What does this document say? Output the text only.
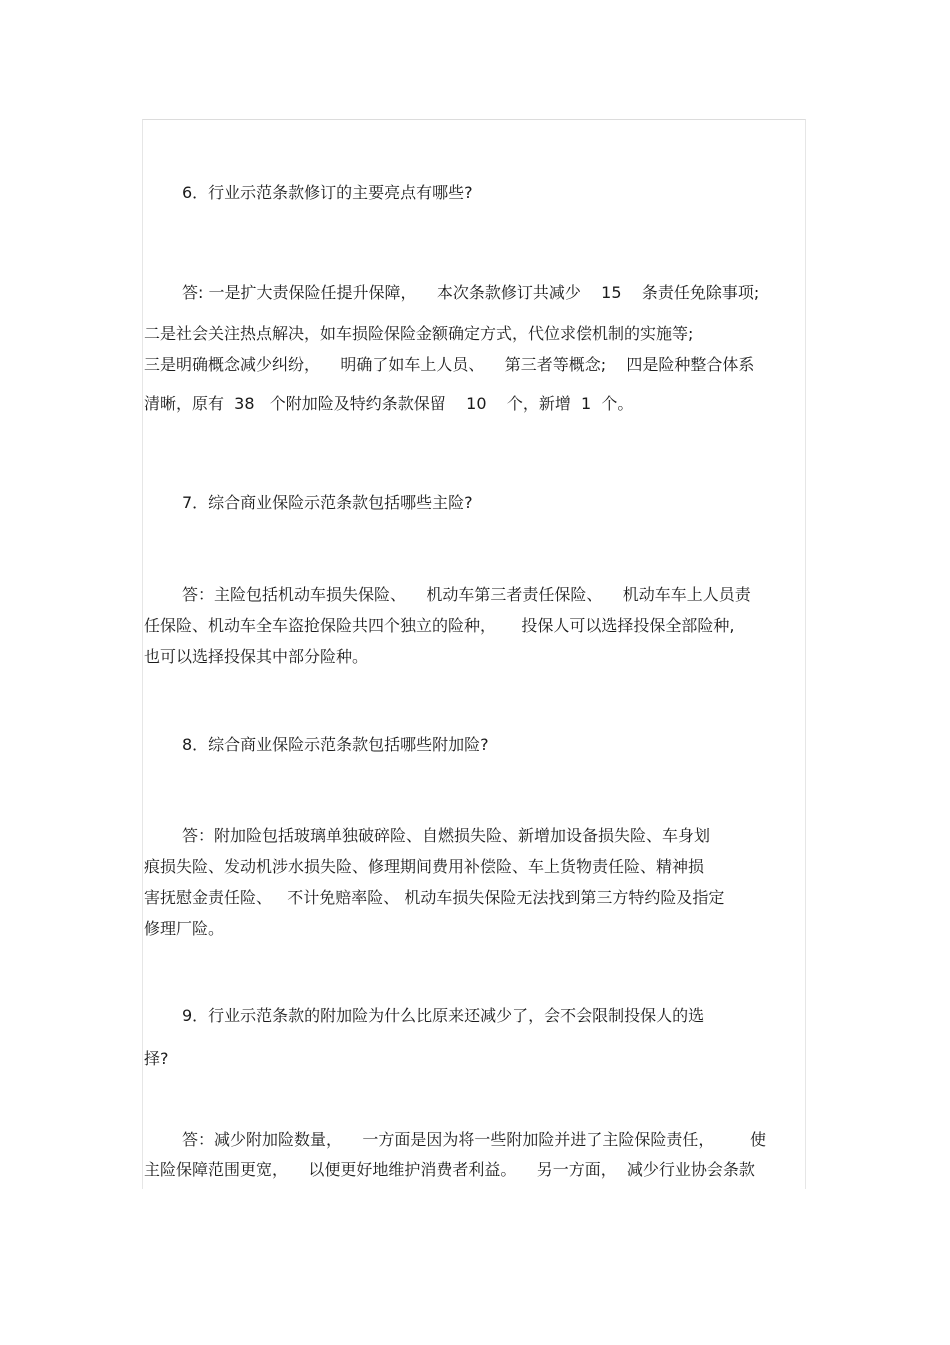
6．行业示范条款修订的主要亮点有哪些?
答: 一是扩大责保险任提升保障，    本次条款修订共减少    15    条责任免除事项;
二是社会关注热点解决，如车损险保险金额确定方式，代位求偿机制的实施等;
三是明确概念减少纠纷，    明确了如车上人员、    第三者等概念;    四是险种整合体系
清晰，原有  38   个附加险及特约条款保留    10    个，新增  1  个。
7．综合商业保险示范条款包括哪些主险?
答：主险包括机动车损失保险、    机动车第三者责任保险、    机动车车上人员责
任保险、机动车全车盗抢保险共四个独立的险种，     投保人可以选择投保全部险种,
也可以选择投保其中部分险种。
8．综合商业保险示范条款包括哪些附加险?
答：附加险包括玻璃单独破碎险、自燃损失险、新增加设备损失险、车身划
痕损失险、发动机涉水损失险、修理期间费用补偿险、车上货物责任险、精神损
害抚慰金责任险、   不计免赔率险、 机动车损失保险无法找到第三方特约险及指定
修理厂险。
9．行业示范条款的附加险为什么比原来还减少了，会不会限制投保人的选
择?
答：减少附加险数量，    一方面是因为将一些附加险并进了主险保险责任，       使
主险保障范围更宽，    以便更好地维护消费者利益。    另一方面，  减少行业协会条款
